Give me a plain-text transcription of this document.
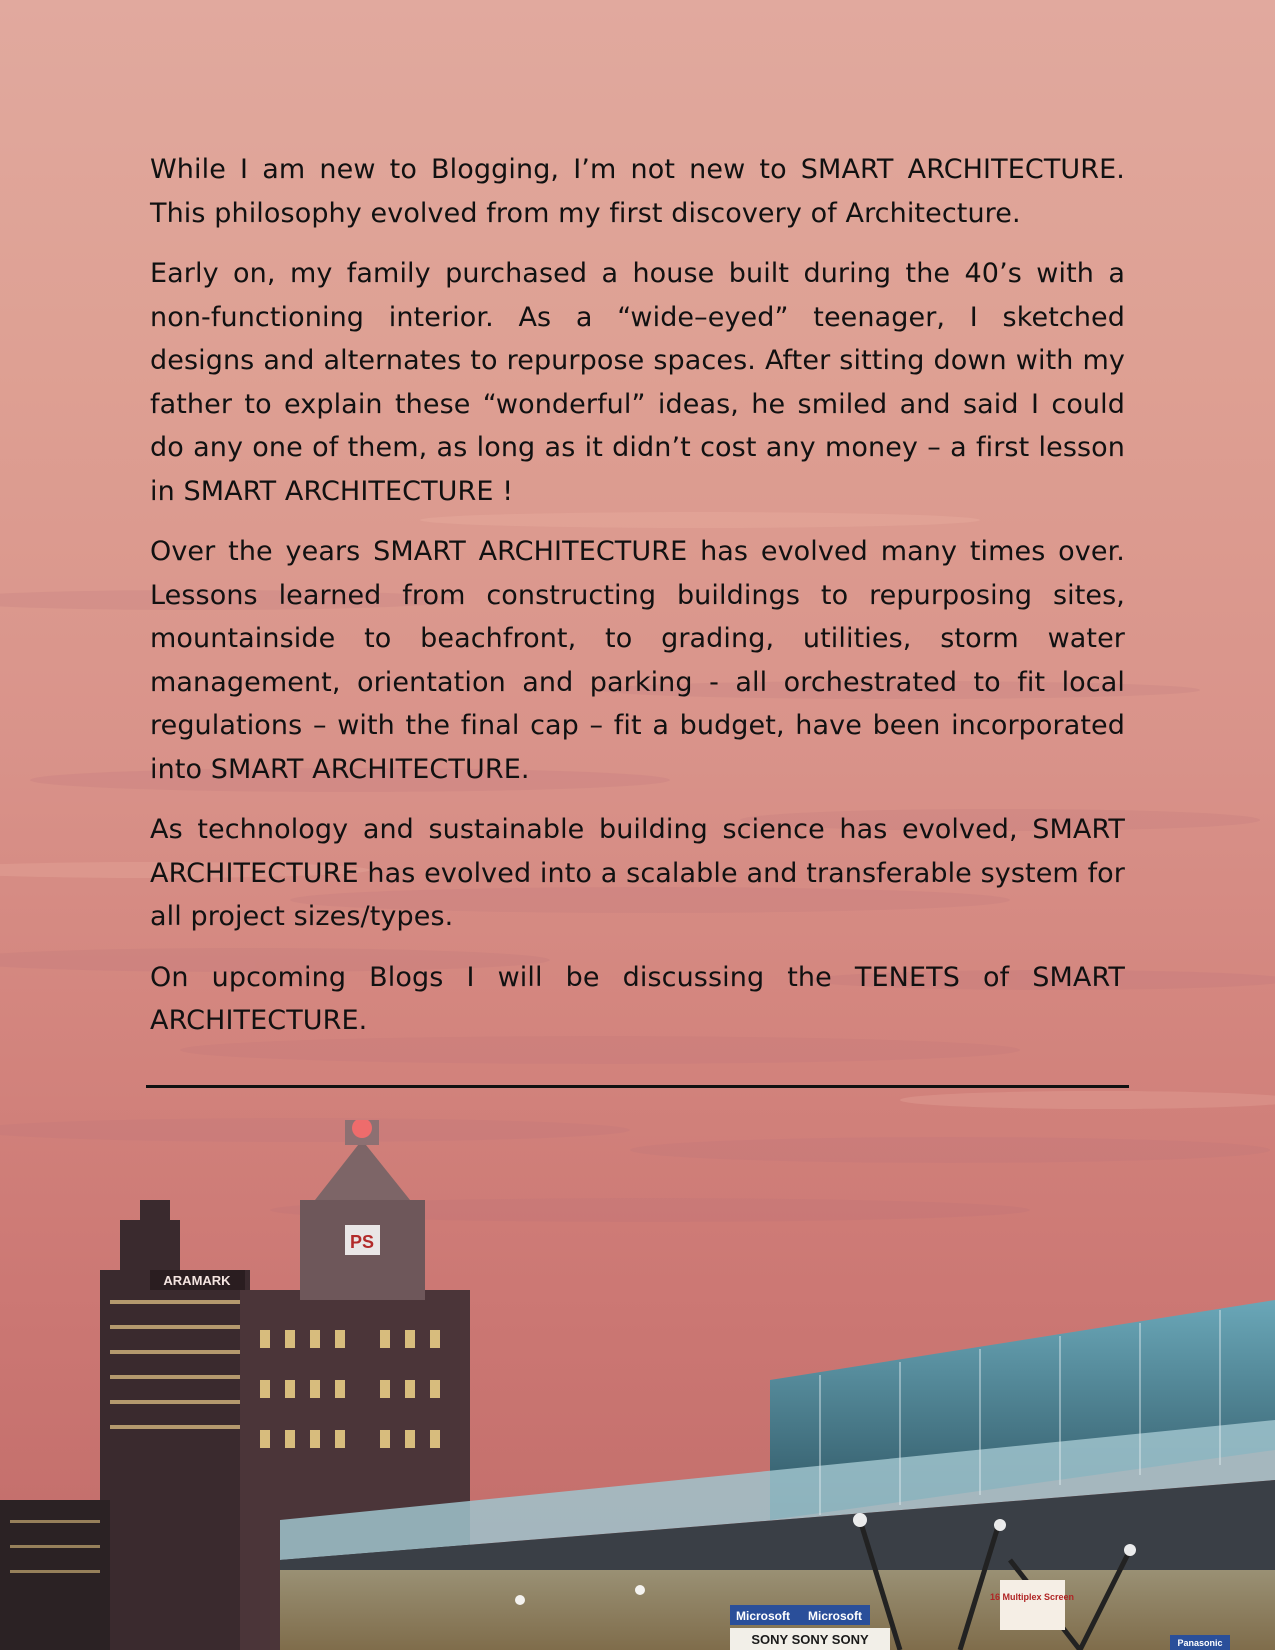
While I am new to Blogging, I’m not new to SMART ARCHITECTURE. This philosophy evolved from my first discovery of Architecture.

Early on, my family purchased a house built during the 40’s with a non-functioning interior. As a “wide–eyed” teenager, I sketched designs and alternates to repurpose spaces. After sitting down with my father to explain these “wonderful” ideas, he smiled and said I could do any one of them, as long as it didn’t cost any money – a first lesson in SMART ARCHITECTURE !

Over the years SMART ARCHITECTURE has evolved many times over. Lessons learned from constructing buildings to repurposing sites, mountainside to beachfront, to grading, utilities, storm water management, orientation and parking - all orchestrated to fit local regulations – with the final cap – fit a budget, have been incorporated into SMART ARCHITECTURE.

As technology and sustainable building science has evolved, SMART ARCHITECTURE has evolved into a scalable and transferable system for all project sizes/types.

On upcoming Blogs I will be discussing the TENETS of SMART ARCHITECTURE.

ARAMARK
PS
Microsoft Microsoft
SONY SONY SONY
16 Multiplex Screen
Panasonic
